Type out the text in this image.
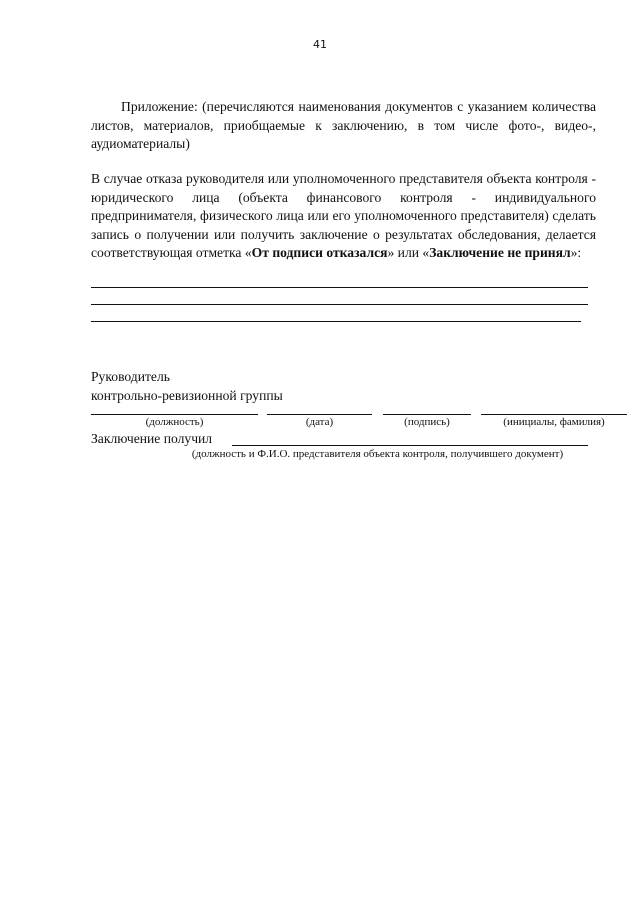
41

Приложение: (перечисляются наименования документов с указанием количества листов, материалов, приобщаемые к заключению, в том числе фото-, видео-, аудиоматериалы)

В случае отказа руководителя или уполномоченного представителя объекта контроля - юридического лица (объекта финансового контроля - индивидуального предпринимателя, физического лица или его уполномоченного представителя) сделать запись о получении или получить заключение о результатах обследования, делается соответствующая отметка «От подписи отказался» или «Заключение не принял»:

Руководитель
контрольно-ревизионной группы
(должность)	(дата)	(подпись)	(инициалы, фамилия)
Заключение получил
(должность и Ф.И.О. представителя объекта контроля, получившего документ)
